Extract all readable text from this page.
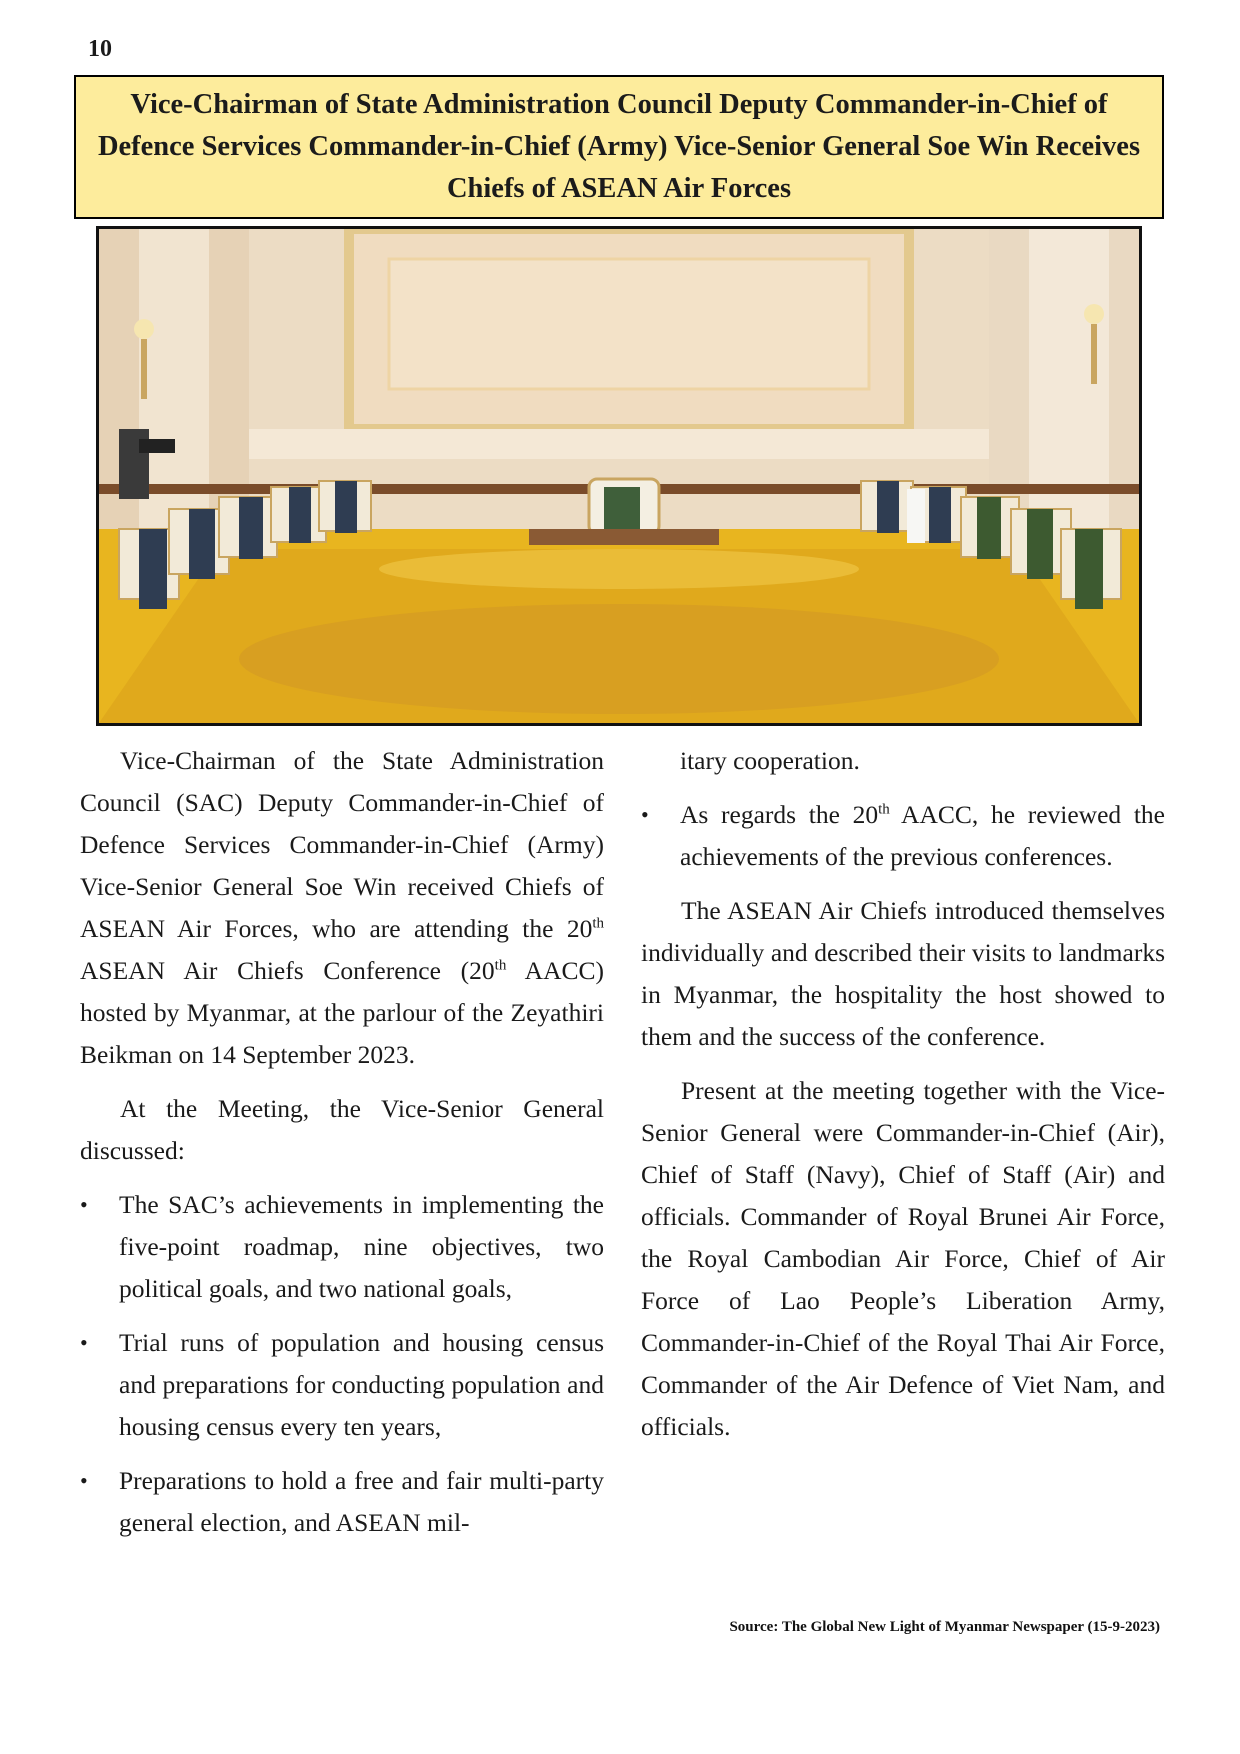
10
Vice-Chairman of State Administration Council Deputy Commander-in-Chief of Defence Services Commander-in-Chief (Army) Vice-Senior General Soe Win Receives Chiefs of ASEAN Air Forces

Vice-Chairman of the State Administration Council (SAC) Deputy Commander-in-Chief of Defence Services Commander-in-Chief (Army) Vice-Senior General Soe Win received Chiefs of ASEAN Air Forces, who are attending the 20th ASEAN Air Chiefs Conference (20th AACC) hosted by Myanmar, at the parlour of the Zeyathiri Beikman on 14 September 2023.

At the Meeting, the Vice-Senior General discussed:

• The SAC’s achievements in implementing the five-point roadmap, nine objectives, two political goals, and two national goals,
• Trial runs of population and housing census and preparations for conducting population and housing census every ten years,
• Preparations to hold a free and fair multi-party general election, and ASEAN mil-

itary cooperation.

• As regards the 20th AACC, he reviewed the achievements of the previous conferences.

The ASEAN Air Chiefs introduced themselves individually and described their visits to landmarks in Myanmar, the hospitality the host showed to them and the success of the conference.

Present at the meeting together with the Vice-Senior General were Commander-in-Chief (Air), Chief of Staff (Navy), Chief of Staff (Air) and officials. Commander of Royal Brunei Air Force, the Royal Cambodian Air Force, Chief of Air Force of Lao People’s Liberation Army, Commander-in-Chief of the Royal Thai Air Force, Commander of the Air Defence of Viet Nam, and officials.

Source: The Global New Light of Myanmar Newspaper (15-9-2023)
